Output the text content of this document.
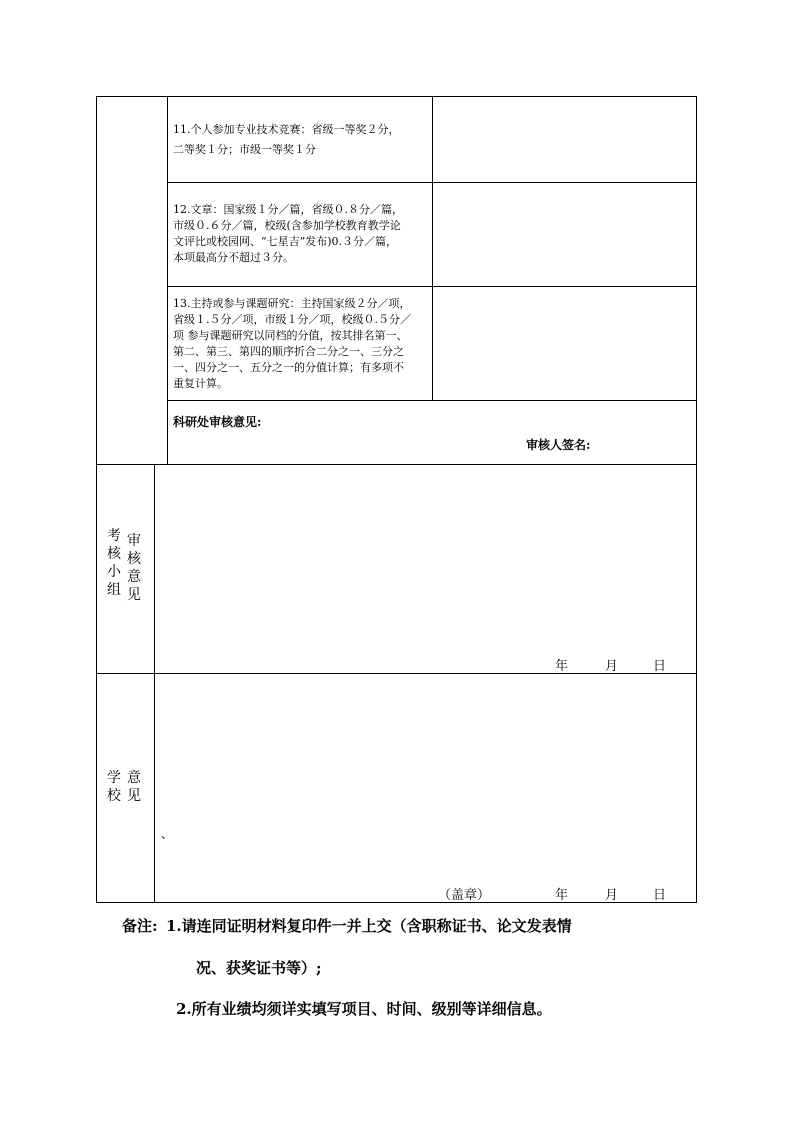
11.个人参加专业技术竞赛：省级一等奖２分，
二等奖１分；市级一等奖１分
12.文章：国家级１分／篇，省级０.８分／篇，
市级０.６分／篇，校级(含参加学校教育教学论
文评比或校园网、“七星吉”发布)0.３分／篇，
本项最高分不超过３分。
13.主持或参与课题研究：主持国家级２分／项，
省级１.５分／项，市级１分／项，校级０.５分／
项 参与课题研究以同档的分值，按其排名第一、
第二、第三、第四的顺序折合二分之一、三分之
一、四分之一、五分之一的分值计算；有多项不
重复计算。
科研处审核意见:
审核人签名:
考核小组
审核意见
年	月	日
学校
意见
、
（盖章）	年	月	日
备注: 1.请连同证明材料复印件一并上交（含职称证书、论文发表情
况、获奖证书等）;
2.所有业绩均须详实填写项目、时间、级别等详细信息。
